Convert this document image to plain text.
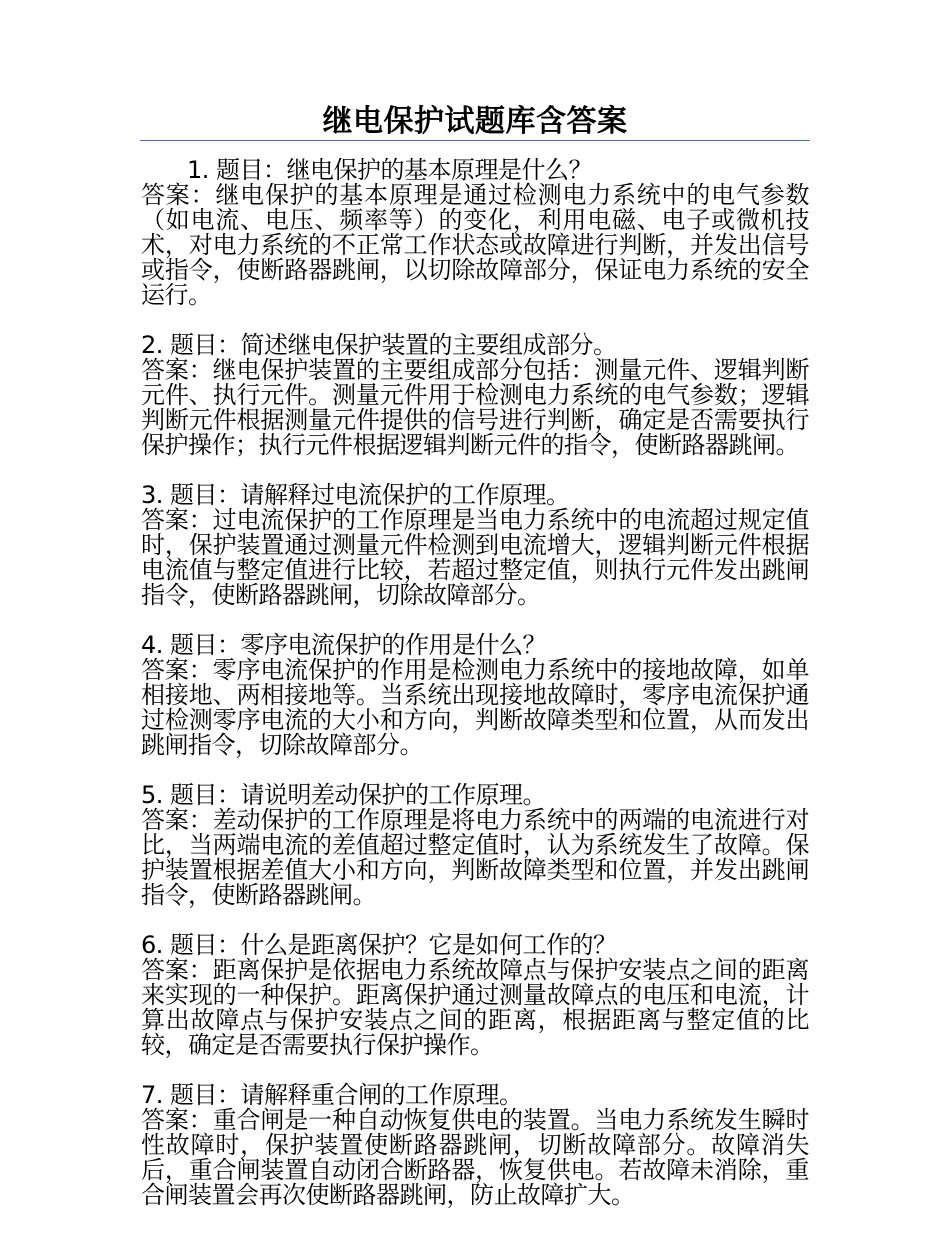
继电保护试题库含答案

1. 题目：继电保护的基本原理是什么？

答案：继电保护的基本原理是通过检测电力系统中的电气参数（如电流、电压、频率等）的变化，利用电磁、电子或微机技术，对电力系统的不正常工作状态或故障进行判断，并发出信号或指令，使断路器跳闸，以切除故障部分，保证电力系统的安全运行。

2. 题目：简述继电保护装置的主要组成部分。

答案：继电保护装置的主要组成部分包括：测量元件、逻辑判断元件、执行元件。测量元件用于检测电力系统的电气参数；逻辑判断元件根据测量元件提供的信号进行判断，确定是否需要执行保护操作；执行元件根据逻辑判断元件的指令，使断路器跳闸。

3. 题目：请解释过电流保护的工作原理。

答案：过电流保护的工作原理是当电力系统中的电流超过规定值时，保护装置通过测量元件检测到电流增大，逻辑判断元件根据电流值与整定值进行比较，若超过整定值，则执行元件发出跳闸指令，使断路器跳闸，切除故障部分。

4. 题目：零序电流保护的作用是什么？

答案：零序电流保护的作用是检测电力系统中的接地故障，如单相接地、两相接地等。当系统出现接地故障时，零序电流保护通过检测零序电流的大小和方向，判断故障类型和位置，从而发出跳闸指令，切除故障部分。

5. 题目：请说明差动保护的工作原理。

答案：差动保护的工作原理是将电力系统中的两端的电流进行对比，当两端电流的差值超过整定值时，认为系统发生了故障。保护装置根据差值大小和方向，判断故障类型和位置，并发出跳闸指令，使断路器跳闸。

6. 题目：什么是距离保护？它是如何工作的？

答案：距离保护是依据电力系统故障点与保护安装点之间的距离来实现的一种保护。距离保护通过测量故障点的电压和电流，计算出故障点与保护安装点之间的距离，根据距离与整定值的比较，确定是否需要执行保护操作。

7. 题目：请解释重合闸的工作原理。

答案：重合闸是一种自动恢复供电的装置。当电力系统发生瞬时性故障时，保护装置使断路器跳闸，切断故障部分。故障消失后，重合闸装置自动闭合断路器，恢复供电。若故障未消除，重合闸装置会再次使断路器跳闸，防止故障扩大。
